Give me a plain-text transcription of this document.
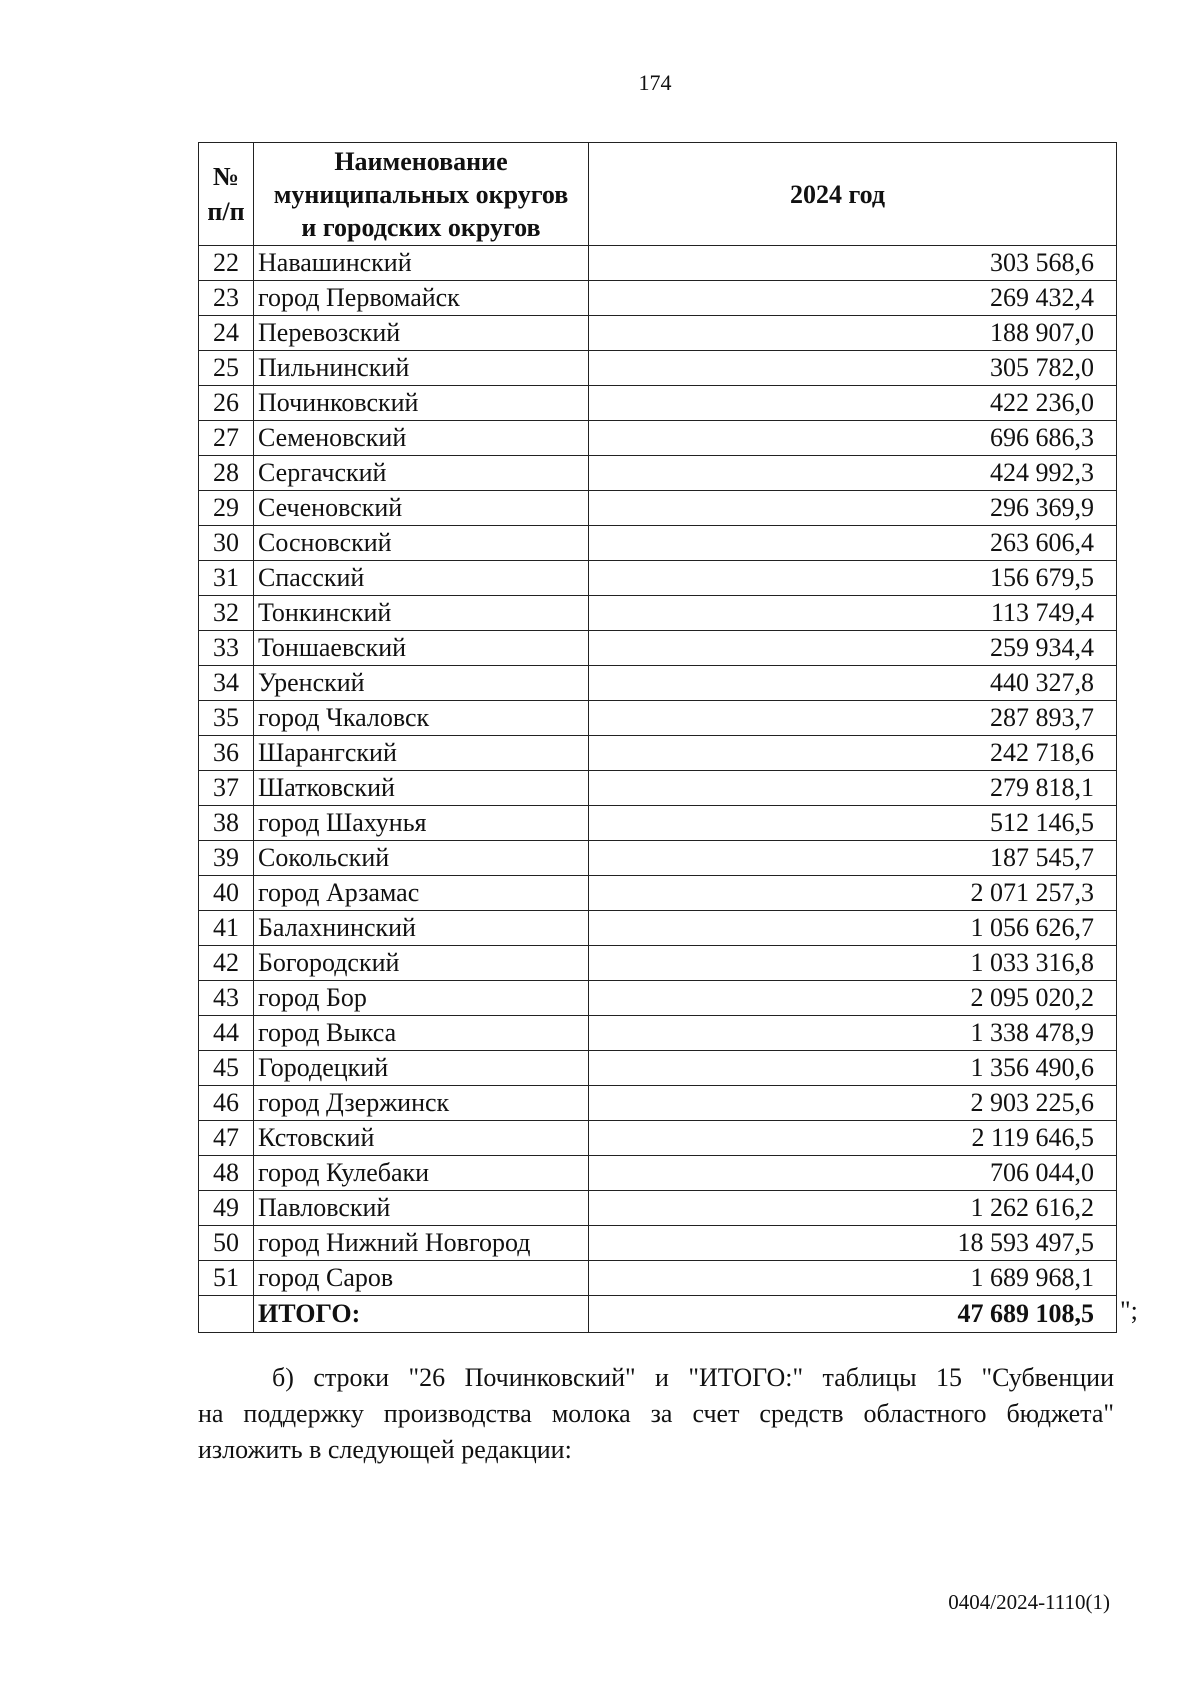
174
№
п/п	Наименование
муниципальных округов
и городских округов	2024 год
22	Навашинский	303 568,6
23	город Первомайск	269 432,4
24	Перевозский	188 907,0
25	Пильнинский	305 782,0
26	Починковский	422 236,0
27	Семеновский	696 686,3
28	Сергачский	424 992,3
29	Сеченовский	296 369,9
30	Сосновский	263 606,4
31	Спасский	156 679,5
32	Тонкинский	113 749,4
33	Тоншаевский	259 934,4
34	Уренский	440 327,8
35	город Чкаловск	287 893,7
36	Шарангский	242 718,6
37	Шатковский	279 818,1
38	город Шахунья	512 146,5
39	Сокольский	187 545,7
40	город Арзамас	2 071 257,3
41	Балахнинский	1 056 626,7
42	Богородский	1 033 316,8
43	город Бор	2 095 020,2
44	город Выкса	1 338 478,9
45	Городецкий	1 356 490,6
46	город Дзержинск	2 903 225,6
47	Кстовский	2 119 646,5
48	город Кулебаки	706 044,0
49	Павловский	1 262 616,2
50	город Нижний Новгород	18 593 497,5
51	город Саров	1 689 968,1
	ИТОГО:	47 689 108,5 ";
б) строки "26 Починковский" и "ИТОГО:" таблицы 15 "Субвенции
на поддержку производства молока за счет средств областного бюджета"
изложить в следующей редакции:
0404/2024-1110(1)
